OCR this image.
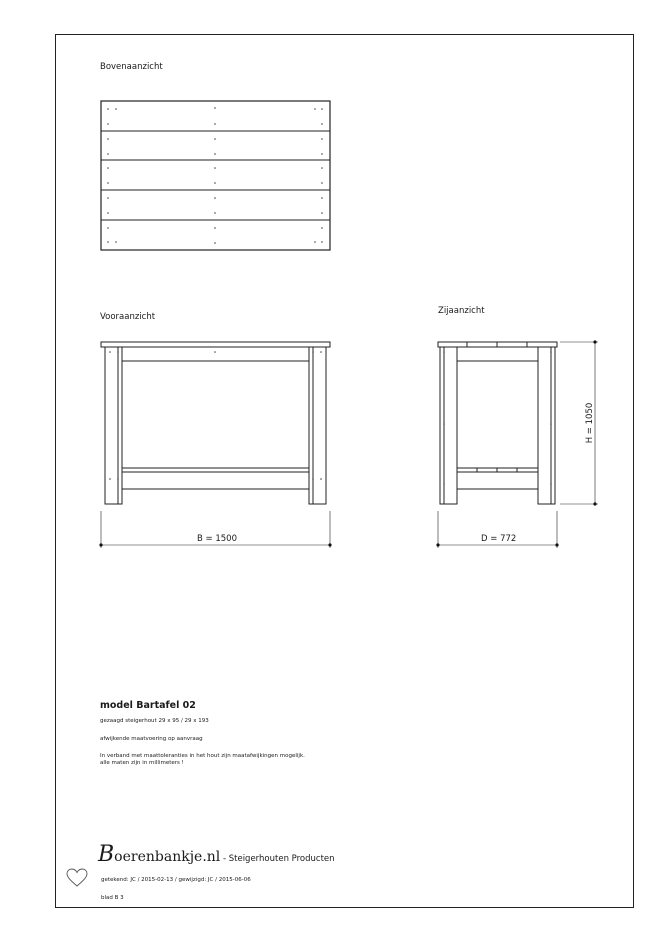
Bovenaanzicht
Vooraanzicht
Zijaanzicht
B = 1500	D = 772
H = 1050
model Bartafel 02
gezaagd steigerhout 29 x 95 / 29 x 193
afwijkende maatvoering op aanvraag
In verband met maattoleranties in het hout zijn maatafwijkingen mogelijk.
alle maten zijn in millimeters !
Boerenbankje.nl - Steigerhouten Producten
getekend: JC / 2015-02-13 / gewijzigd: JC / 2015-06-06
blad B 3
